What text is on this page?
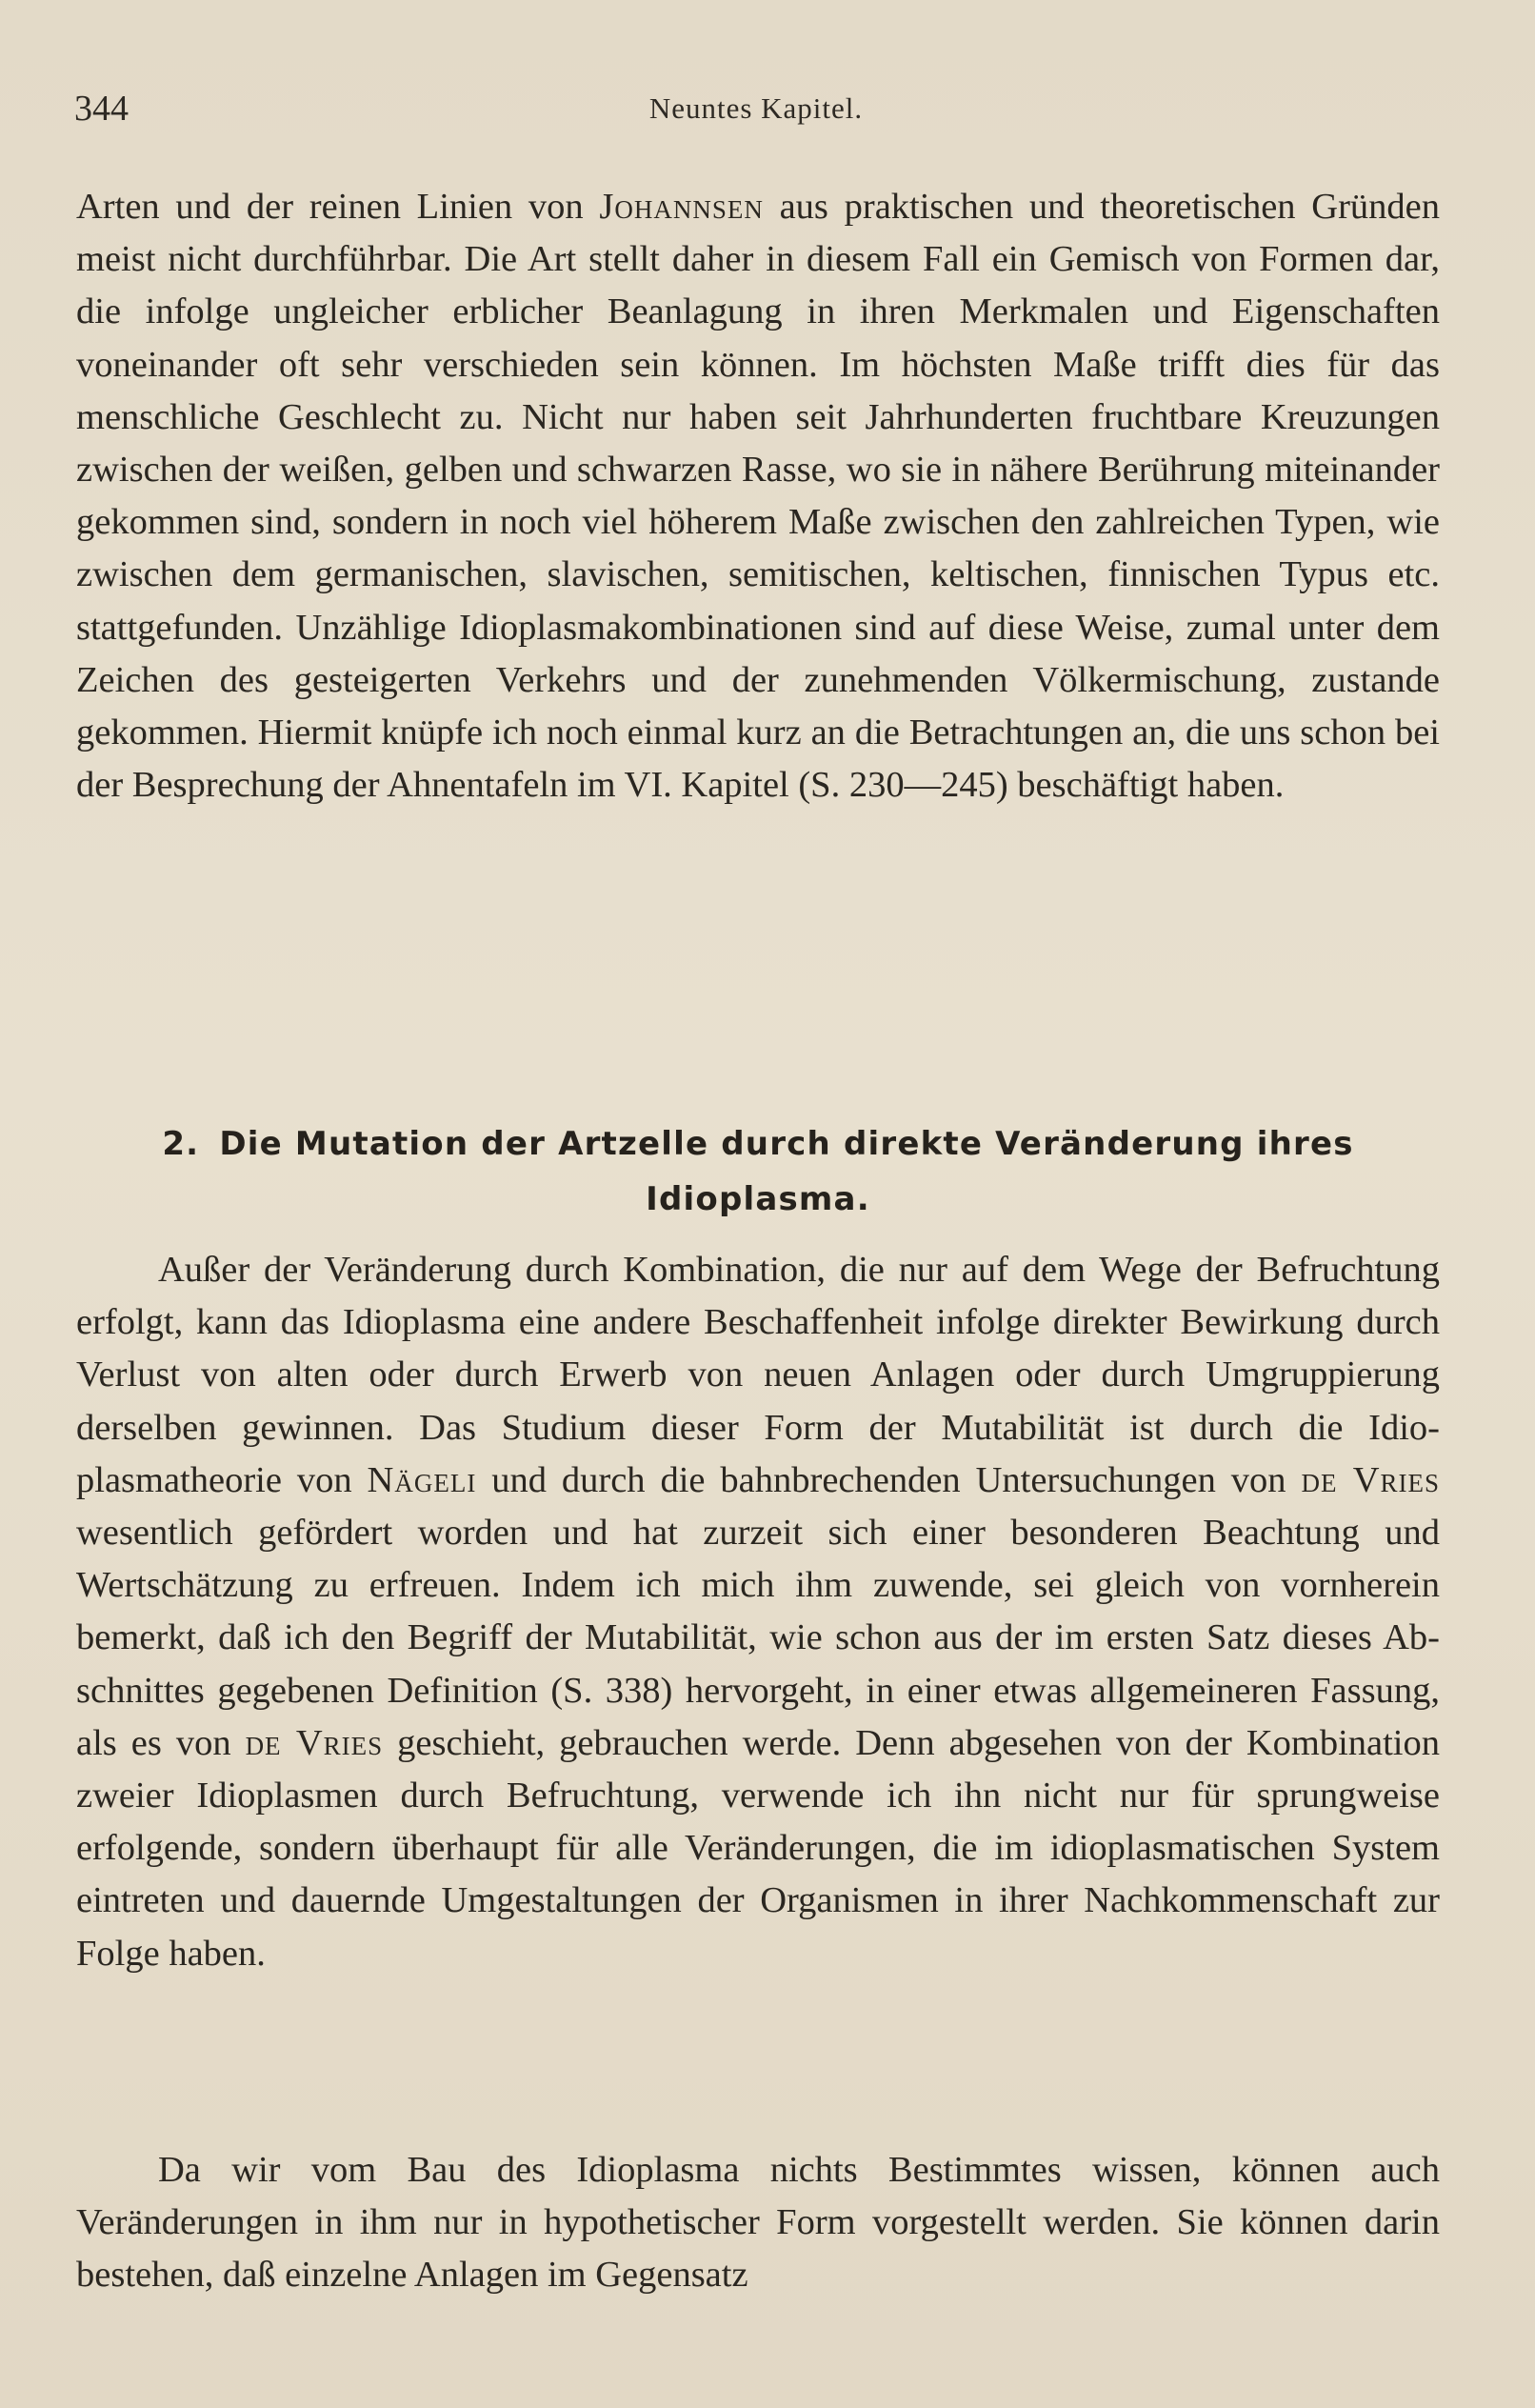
344	Neuntes Kapitel.

Arten und der reinen Linien von Johannsen aus praktischen und theoretischen Gründen meist nicht durchführbar. Die Art stellt daher in diesem Fall ein Gemisch von Formen dar, die infolge ungleicher erblicher Beanlagung in ihren Merkmalen und Eigenschaften voneinander oft sehr verschieden sein können. Im höchsten Maße trifft dies für das menschliche Geschlecht zu. Nicht nur haben seit Jahrhunderten fruchtbare Kreuzungen zwischen der weißen, gelben und schwarzen Rasse, wo sie in nähere Berührung miteinander gekommen sind, sondern in noch viel höherem Maße zwischen den zahlreichen Typen, wie zwischen dem germanischen, slavischen, semitischen, keltischen, finnischen Typus etc. stattgefunden. Unzählige Idioplasmakombinationen sind auf diese Weise, zumal unter dem Zeichen des gesteigerten Verkehrs und der zunehmenden Völkermischung, zustande gekommen. Hiermit knüpfe ich noch einmal kurz an die Betrachtungen an, die uns schon bei der Besprechung der Ahnentafeln im VI. Kapitel (S. 230—245) beschäftigt haben.

2. Die Mutation der Artzelle durch direkte Veränderung ihres Idioplasma.

Außer der Veränderung durch Kombination, die nur auf dem Wege der Befruchtung erfolgt, kann das Idioplasma eine andere Beschaffenheit infolge direkter Bewirkung durch Verlust von alten oder durch Erwerb von neuen Anlagen oder durch Umgruppierung derselben gewinnen. Das Studium dieser Form der Mutabilität ist durch die Idioplasmatheorie von Nägeli und durch die bahnbrechenden Untersuchungen von de Vries wesentlich gefördert worden und hat zurzeit sich einer besonderen Beachtung und Wertschätzung zu erfreuen. Indem ich mich ihm zuwende, sei gleich von vornherein bemerkt, daß ich den Begriff der Mutabilität, wie schon aus der im ersten Satz dieses Abschnittes gegebenen Definition (S. 338) hervorgeht, in einer etwas allgemeineren Fassung, als es von de Vries geschieht, gebrauchen werde. Denn abgesehen von der Kombination zweier Idioplasmen durch Befruchtung, verwende ich ihn nicht nur für sprungweise erfolgende, sondern überhaupt für alle Veränderungen, die im idioplasmatischen System eintreten und dauernde Umgestaltungen der Organismen in ihrer Nachkommenschaft zur Folge haben.

Da wir vom Bau des Idioplasma nichts Bestimmtes wissen, können auch Veränderungen in ihm nur in hypothetischer Form vorgestellt werden. Sie können darin bestehen, daß einzelne Anlagen im Gegensatz
